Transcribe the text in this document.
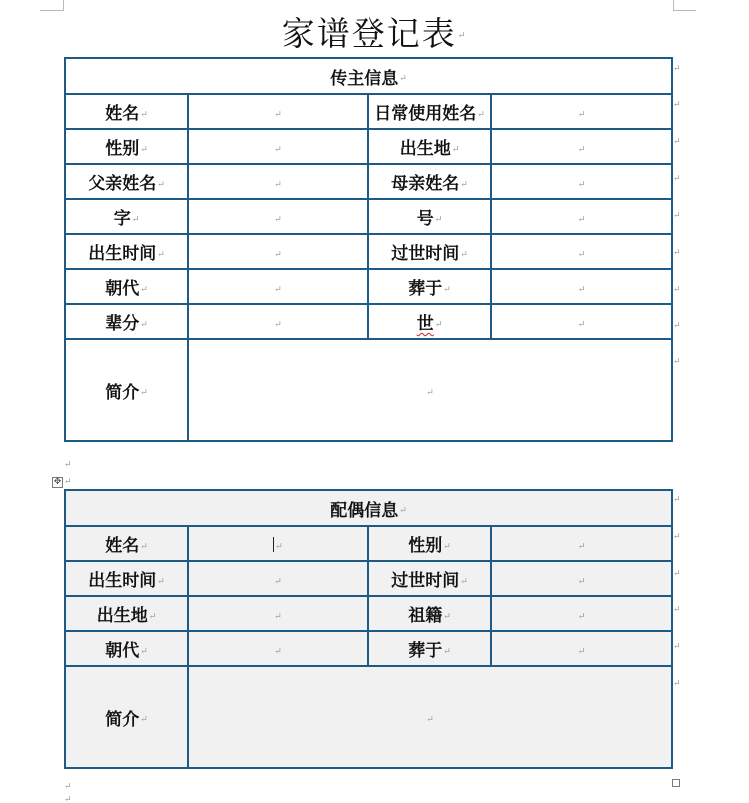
家谱登记表↵
传主信息↵			
姓名↵	↵	日常使用姓名↵	↵
性别↵	↵	出生地↵	↵
父亲姓名↵	↵	母亲姓名↵	↵
字↵	↵	号↵	↵
出生时间↵	↵	过世时间↵	↵
朝代↵	↵	葬于↵	↵
辈分↵	↵	世↵	↵
简介↵	↵		
↵
↵
↵
↵
↵
↵
↵
↵
↵
↵
✥ ↵
配偶信息↵			
姓名↵	↵	性别↵	↵
出生时间↵	↵	过世时间↵	↵
出生地↵	↵	祖籍↵	↵
朝代↵	↵	葬于↵	↵
简介↵	↵		
↵
↵
↵
↵
↵
↵
↵
↵
